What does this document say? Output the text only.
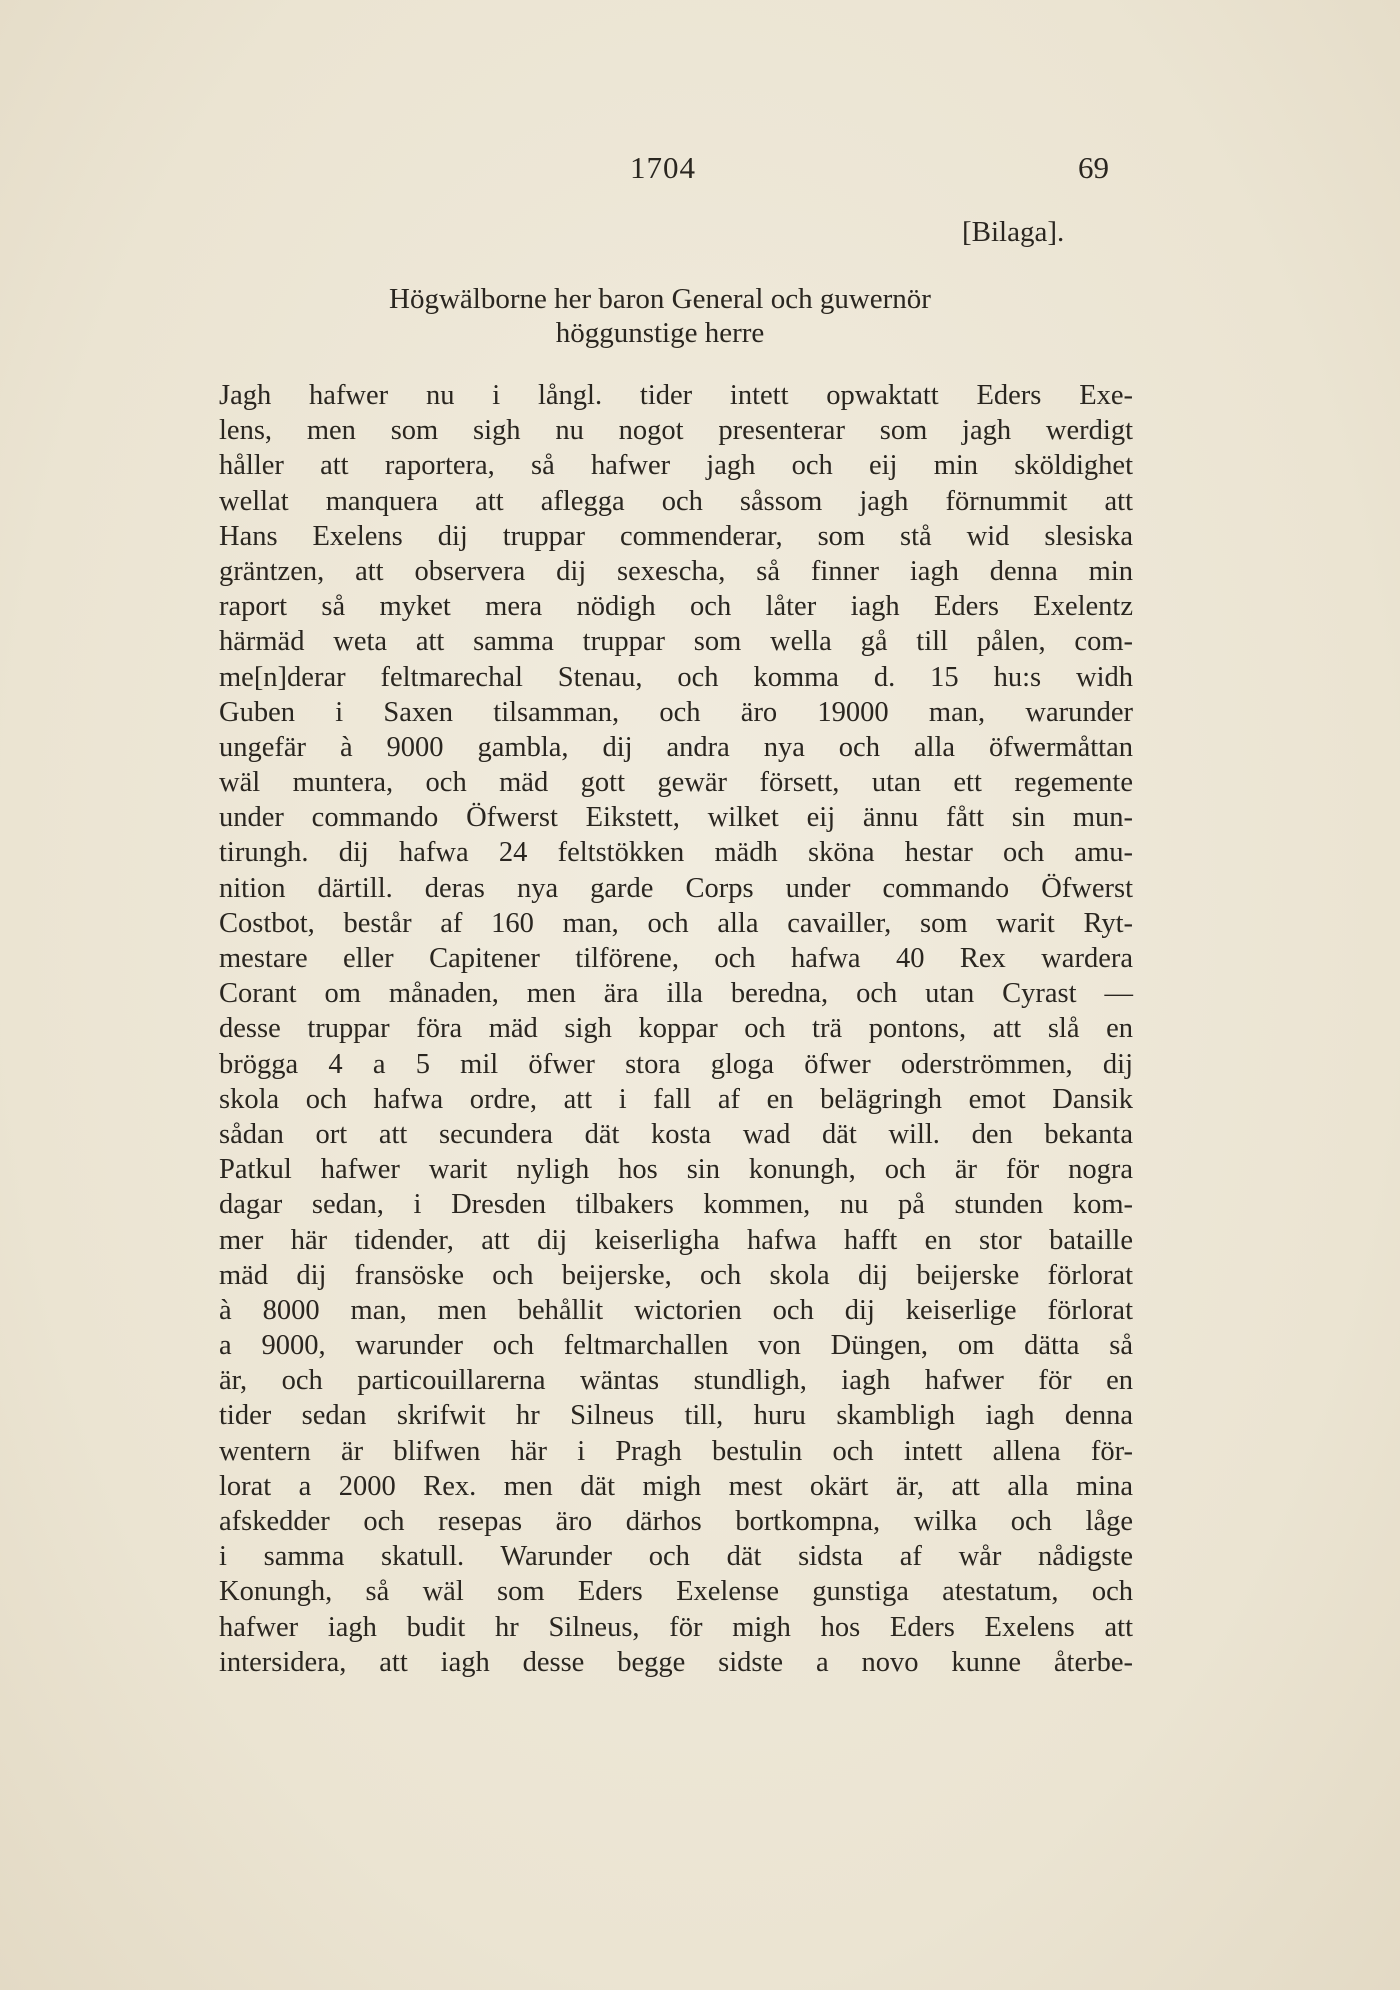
1704	69
[Bilaga].
Högwälborne her baron General och guwernör
höggunstige herre
Jagh hafwer nu i långl. tider intett opwaktatt Eders Exe-
lens, men som sigh nu nogot presenterar som jagh werdigt
håller att raportera, så hafwer jagh och eij min sköldighet
wellat manquera att aflegga och såssom jagh förnummit att
Hans Exelens dij truppar commenderar, som stå wid slesiska
gräntzen, att observera dij sexescha, så finner iagh denna min
raport så myket mera nödigh och låter iagh Eders Exelentz
härmäd weta att samma truppar som wella gå till pålen, com-
me[n]derar feltmarechal Stenau, och komma d. 15 hu:s widh
Guben i Saxen tilsamman, och äro 19000 man, warunder
ungefär à 9000 gambla, dij andra nya och alla öfwermåttan
wäl muntera, och mäd gott gewär försett, utan ett regemente
under commando Öfwerst Eikstett, wilket eij ännu fått sin mun-
tirungh. dij hafwa 24 feltstökken mädh sköna hestar och amu-
nition därtill. deras nya garde Corps under commando Öfwerst
Costbot, består af 160 man, och alla cavailler, som warit Ryt-
mestare eller Capitener tilförene, och hafwa 40 Rex wardera
Corant om månaden, men ära illa beredna, och utan Cyrast —
desse truppar föra mäd sigh koppar och trä pontons, att slå en
brögga 4 a 5 mil öfwer stora gloga öfwer oderströmmen, dij
skola och hafwa ordre, att i fall af en belägringh emot Dansik
sådan ort att secundera dät kosta wad dät will. den bekanta
Patkul hafwer warit nyligh hos sin konungh, och är för nogra
dagar sedan, i Dresden tilbakers kommen, nu på stunden kom-
mer här tidender, att dij keiserligha hafwa hafft en stor bataille
mäd dij fransöske och beijerske, och skola dij beijerske förlorat
à 8000 man, men behållit wictorien och dij keiserlige förlorat
a 9000, warunder och feltmarchallen von Düngen, om dätta så
är, och particouillarerna wäntas stundligh, iagh hafwer för en
tider sedan skrifwit hr Silneus till, huru skambligh iagh denna
wentern är blifwen här i Pragh bestulin och intett allena för-
lorat a 2000 Rex. men dät migh mest okärt är, att alla mina
afskedder och resepas äro därhos bortkompna, wilka och låge
i samma skatull. Warunder och dät sidsta af wår nådigste
Konungh, så wäl som Eders Exelense gunstiga atestatum, och
hafwer iagh budit hr Silneus, för migh hos Eders Exelens att
intersidera, att iagh desse begge sidste a novo kunne återbe-
